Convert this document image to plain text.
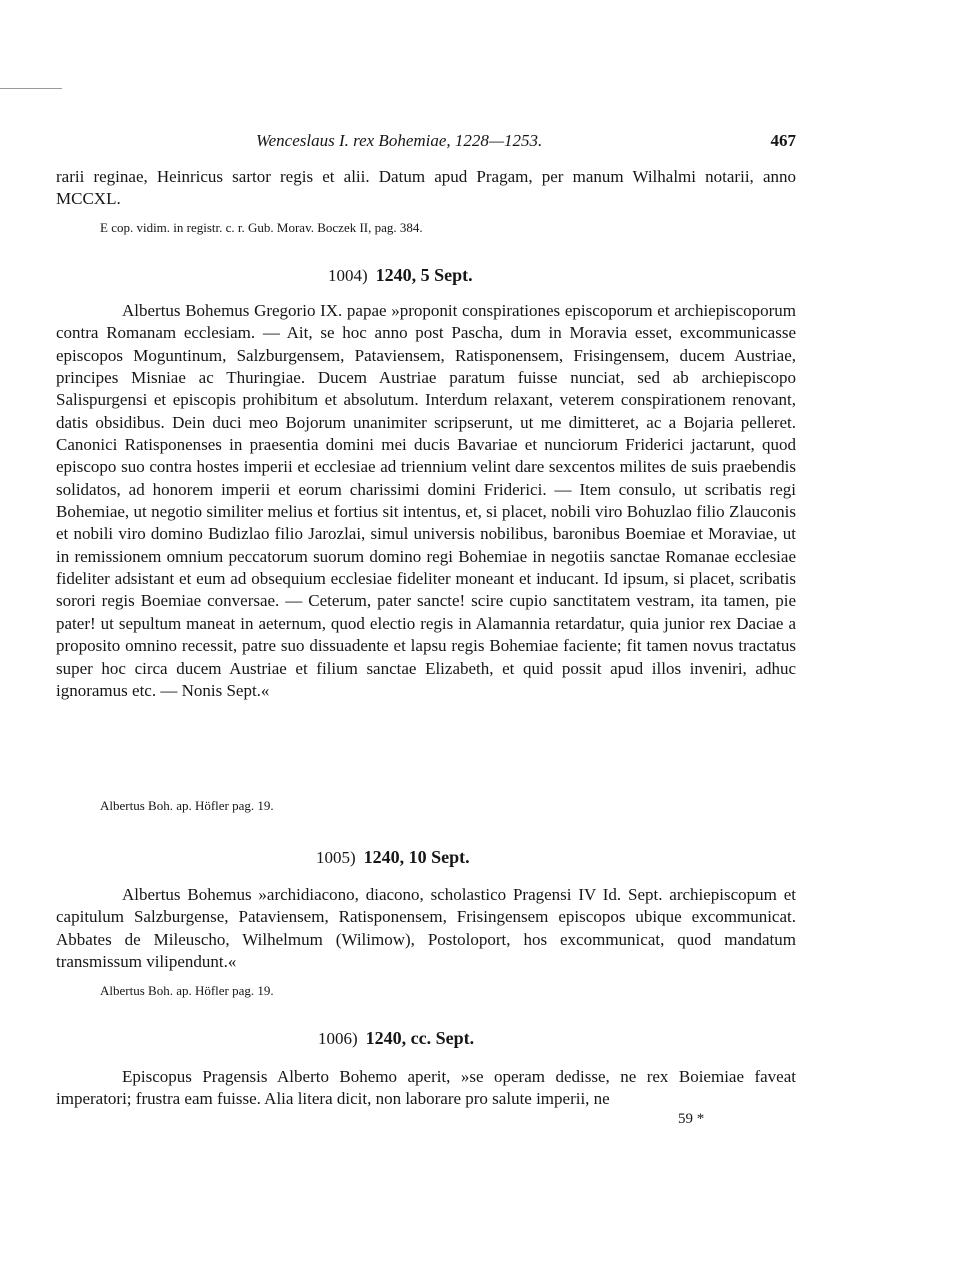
Wenceslaus I. rex Bohemiae, 1228—1253.	467

rarii reginae, Heinricus sartor regis et alii. Datum apud Pragam, per manum Wilhalmi notarii, anno MCCXL.

E cop. vidim. in registr. c. r. Gub. Morav. Boczek II, pag. 384.
1004) 1240, 5 Sept.

Albertus Bohemus Gregorio IX. papae »proponit conspirationes episcoporum et archiepiscoporum contra Romanam ecclesiam. — Ait, se hoc anno post Pascha, dum in Moravia esset, excommunicasse episcopos Moguntinum, Salzburgensem, Pataviensem, Ratisponensem, Frisingensem, ducem Austriae, principes Misniae ac Thuringiae. Ducem Austriae paratum fuisse nunciat, sed ab archiepiscopo Salispurgensi et episcopis prohibitum et absolutum. Interdum relaxant, veterem conspirationem renovant, datis obsidibus. Dein duci meo Bojorum unanimiter scripserunt, ut me dimitteret, ac a Bojaria pelleret. Canonici Ratisponenses in praesentia domini mei ducis Bavariae et nunciorum Friderici jactarunt, quod episcopo suo contra hostes imperii et ecclesiae ad triennium velint dare sexcentos milites de suis praebendis solidatos, ad honorem imperii et eorum charissimi domini Friderici. — Item consulo, ut scribatis regi Bohemiae, ut negotio similiter melius et fortius sit intentus, et, si placet, nobili viro Bohuzlao filio Zlauconis et nobili viro domino Budizlao filio Jarozlai, simul universis nobilibus, baronibus Boemiae et Moraviae, ut in remissionem omnium peccatorum suorum domino regi Bohemiae in negotiis sanctae Romanae ecclesiae fideliter adsistant et eum ad obsequium ecclesiae fideliter moneant et inducant. Id ipsum, si placet, scribatis sorori regis Boemiae conversae. — Ceterum, pater sancte! scire cupio sanctitatem vestram, ita tamen, pie pater! ut sepultum maneat in aeternum, quod electio regis in Alamannia retardatur, quia junior rex Daciae a proposito omnino recessit, patre suo dissuadente et lapsu regis Bohemiae faciente; fit tamen novus tractatus super hoc circa ducem Austriae et filium sanctae Elizabeth, et quid possit apud illos inveniri, adhuc ignoramus etc. — Nonis Sept.«

Albertus Boh. ap. Höfler pag. 19.
1005) 1240, 10 Sept.

Albertus Bohemus »archidiacono, diacono, scholastico Pragensi IV Id. Sept. archiepiscopum et capitulum Salzburgense, Pataviensem, Ratisponensem, Frisingensem episcopos ubique excommunicat. Abbates de Mileuscho, Wilhelmum (Wilimow), Postoloport, hos excommunicat, quod mandatum transmissum vilipendunt.«

Albertus Boh. ap. Höfler pag. 19.
1006) 1240, cc. Sept.

Episcopus Pragensis Alberto Bohemo aperit, »se operam dedisse, ne rex Boiemiae faveat imperatori; frustra eam fuisse. Alia litera dicit, non laborare pro salute imperii, ne

59 *
